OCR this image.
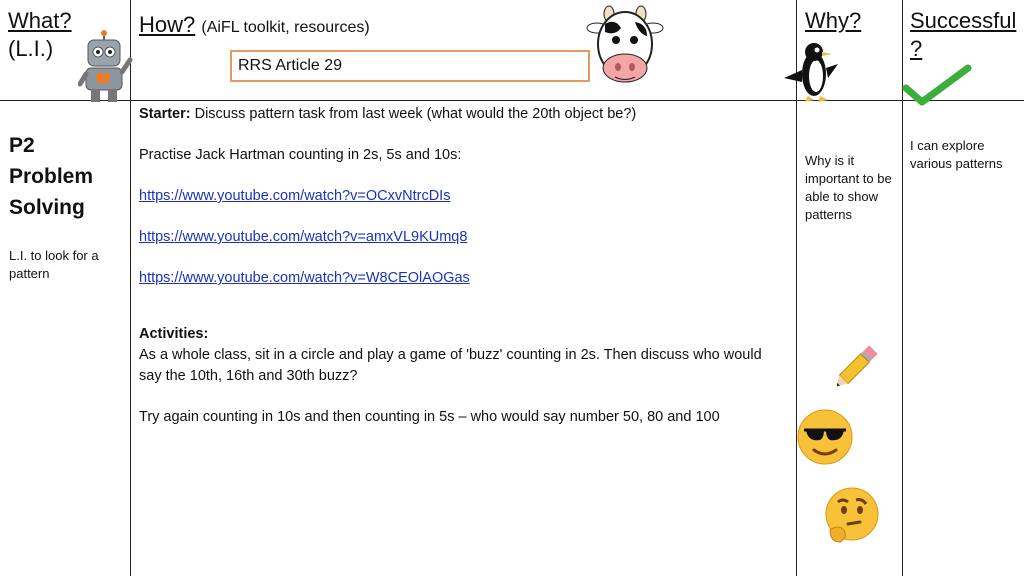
What?
(L.I.)
P2
Problem
Solving
L.I. to look for a pattern
How? (AiFL toolkit, resources)
RRS Article 29

Starter: Discuss pattern task from last week (what would the 20th object be?)

Practise Jack Hartman counting in 2s, 5s and 10s:

https://www.youtube.com/watch?v=OCxvNtrcDIs

https://www.youtube.com/watch?v=amxVL9KUmq8

https://www.youtube.com/watch?v=W8CEOlAOGas

Activities:

As a whole class, sit in a circle and play a game of 'buzz' counting in 2s. Then discuss who would say the 10th, 16th and 30th buzz?

Try again counting in 10s and then counting in 5s – who would say number 50, 80 and 100

Why?
Why is it important to be able to show patterns
Successful
?
I can explore various patterns
